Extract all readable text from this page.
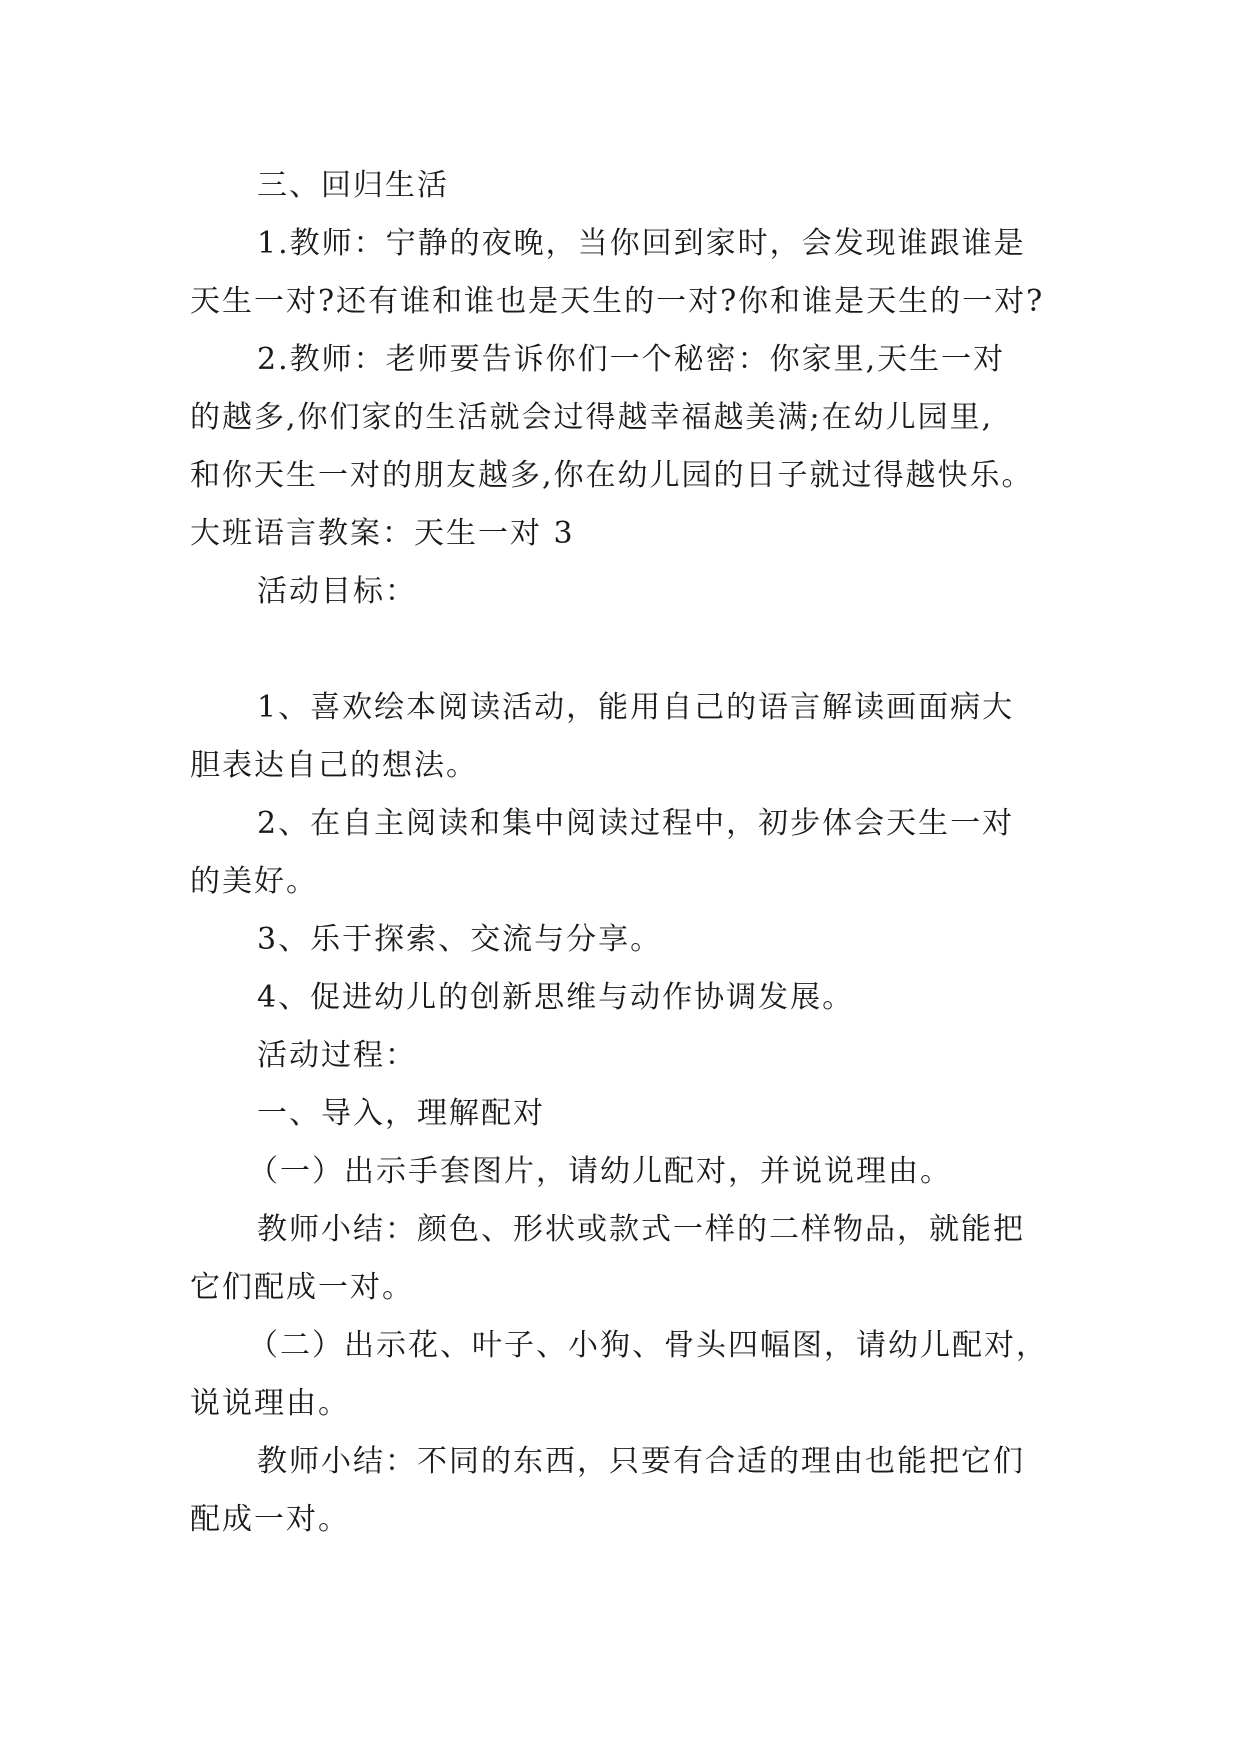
三、回归生活
1.教师：宁静的夜晚，当你回到家时，会发现谁跟谁是
天生一对?还有谁和谁也是天生的一对?你和谁是天生的一对?
2.教师：老师要告诉你们一个秘密：你家里,天生一对
的越多,你们家的生活就会过得越幸福越美满;在幼儿园里,
和你天生一对的朋友越多,你在幼儿园的日子就过得越快乐。
大班语言教案：天生一对 3
活动目标：
1、喜欢绘本阅读活动，能用自己的语言解读画面病大
胆表达自己的想法。
2、在自主阅读和集中阅读过程中，初步体会天生一对
的美好。
3、乐于探索、交流与分享。
4、促进幼儿的创新思维与动作协调发展。
活动过程：
一、导入，理解配对
（一）出示手套图片，请幼儿配对，并说说理由。
教师小结：颜色、形状或款式一样的二样物品，就能把
它们配成一对。
（二）出示花、叶子、小狗、骨头四幅图，请幼儿配对，
说说理由。
教师小结：不同的东西，只要有合适的理由也能把它们
配成一对。
